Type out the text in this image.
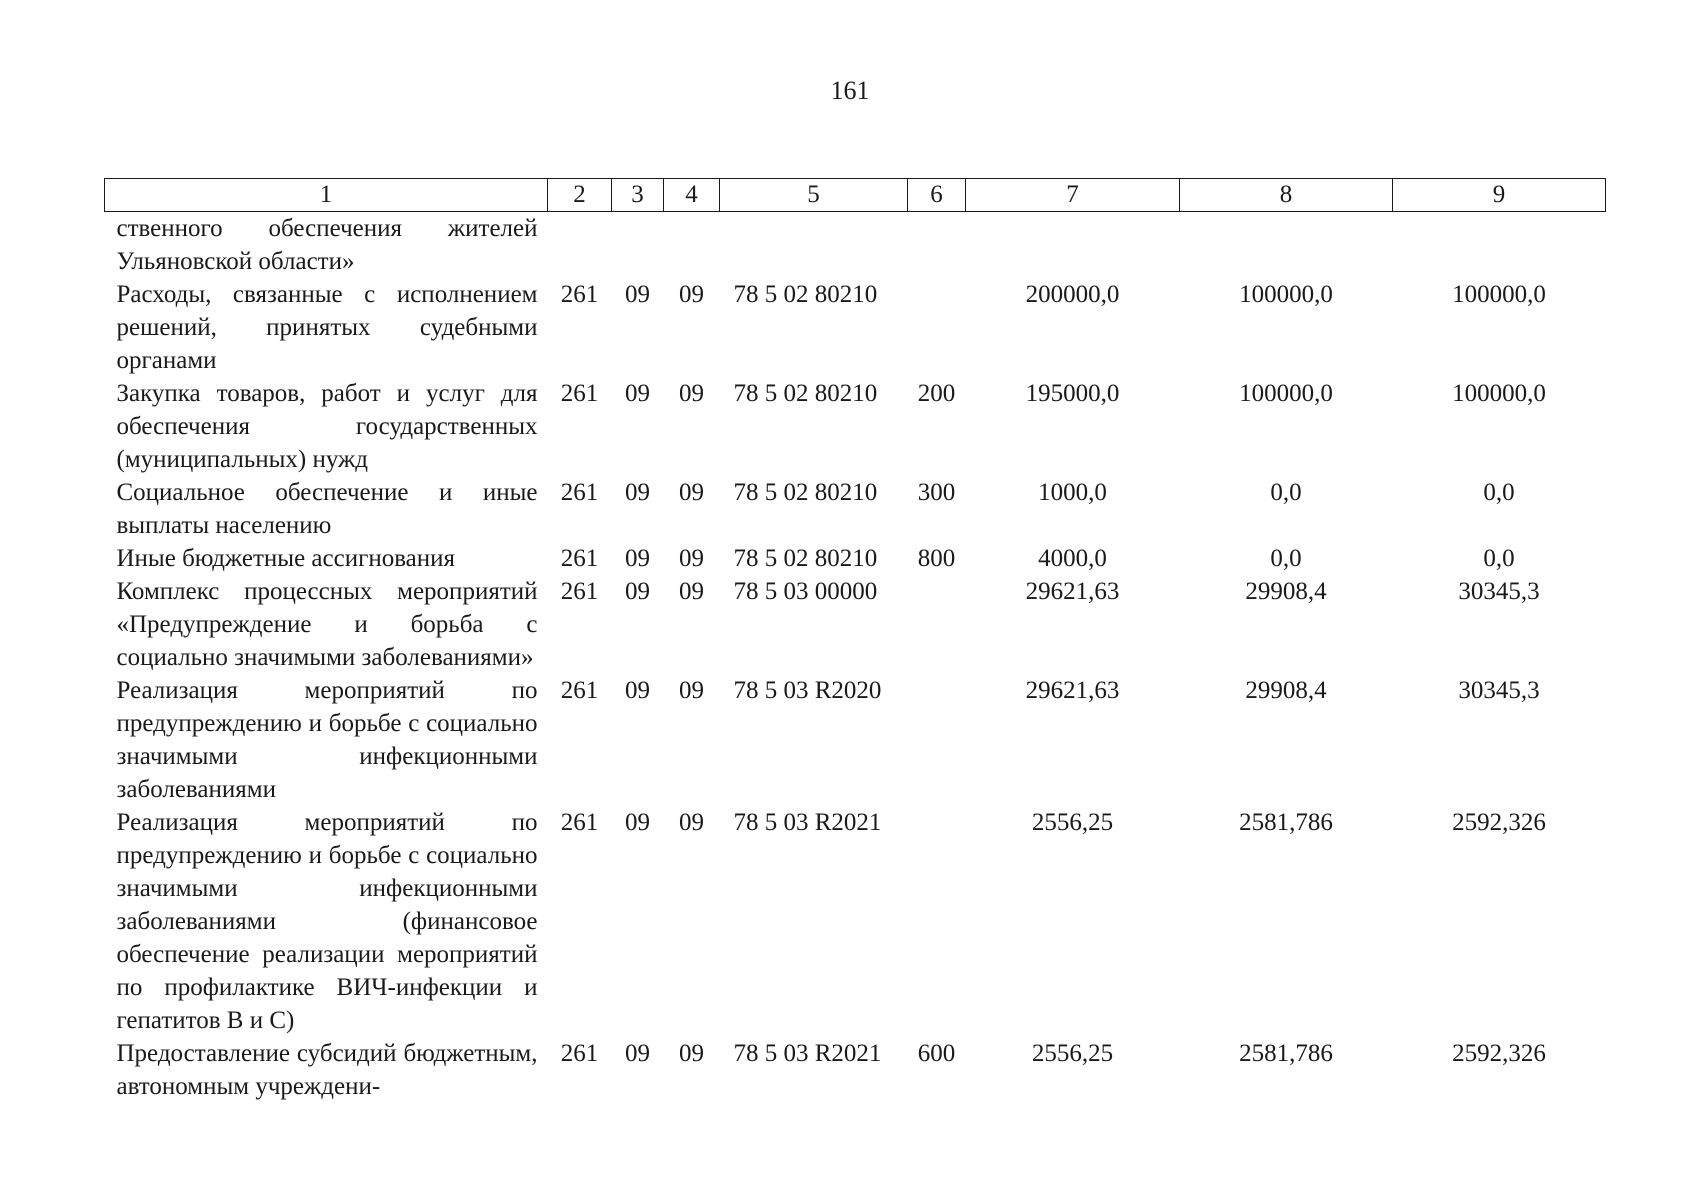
161
1	2	3	4	5	6	7	8	9
ственного обеспечения жителей Ульяновской области»								
Расходы, связанные с исполнением решений, принятых судебными органами	261	09	09	78 5 02 80210		200000,0	100000,0	100000,0
Закупка товаров, работ и услуг для обеспечения государственных (муниципальных) нужд	261	09	09	78 5 02 80210	200	195000,0	100000,0	100000,0
Социальное обеспечение и иные выплаты населению	261	09	09	78 5 02 80210	300	1000,0	0,0	0,0
Иные бюджетные ассигнования	261	09	09	78 5 02 80210	800	4000,0	0,0	0,0
Комплекс процессных мероприятий «Предупреждение и борьба с социально значимыми заболеваниями»	261	09	09	78 5 03 00000		29621,63	29908,4	30345,3
Реализация мероприятий по предупреждению и борьбе с социально значимыми инфекционными заболеваниями	261	09	09	78 5 03 R2020		29621,63	29908,4	30345,3
Реализация мероприятий по предупреждению и борьбе с социально значимыми инфекционными заболеваниями (финансовое обеспечение реализации мероприятий по профилактике ВИЧ-инфекции и гепатитов В и С)	261	09	09	78 5 03 R2021		2556,25	2581,786	2592,326
Предоставление субсидий бюджетным, автономным учреждени-	261	09	09	78 5 03 R2021	600	2556,25	2581,786	2592,326
